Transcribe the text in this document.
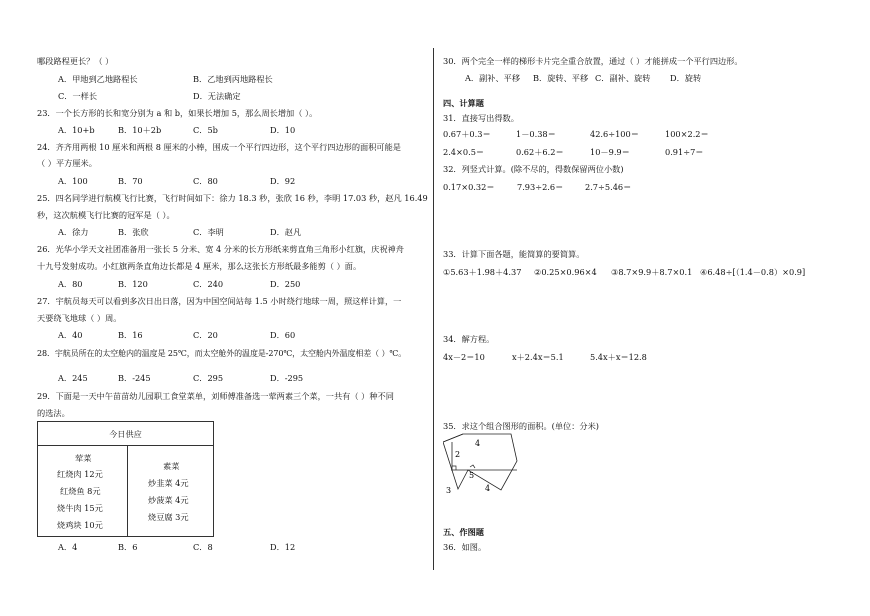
哪段路程更长？（ ）
A．甲地到乙地路程长	B．乙地到丙地路程长
C．一样长	D．无法确定
23．一个长方形的长和宽分别为 a 和 b，如果长增加 5，那么周长增加（ ）。
A．10+b	B．10＋2b	C．5b	D．10
24．齐齐用两根 10 厘米和两根 8 厘米的小棒，围成一个平行四边形，这个平行四边形的面积可能是
（ ）平方厘米。
A．100	B．70	C．80	D．92
25．四名同学进行航模飞行比赛，飞行时间如下：徐力 18.3 秒，张欣 16 秒，李明 17.03 秒，赵凡 16.49
秒，这次航模飞行比赛的冠军是（ ）。
A．徐力	B．张欣	C．李明	D．赵凡
26．光华小学天文社团准备用一张长 5 分米、宽 4 分米的长方形纸来剪直角三角形小红旗，庆祝神舟
十九号发射成功。小红旗两条直角边长都是 4 厘米，那么这张长方形纸最多能剪（ ）面。
A．80	B．120	C．240	D．250
27．宇航员每天可以看到多次日出日落，因为中国空间站每 1.5 小时绕行地球一周，照这样计算，一
天要绕飞地球（ ）周。
A．40	B．16	C．20	D．60
28．宇航员所在的太空舱内的温度是 25℃，而太空舱外的温度是-270℃，太空舱内外温度相差（ ）℃。
A．245	B．-245	C．295	D．-295
29．下面是一天中午苗苗幼儿园职工食堂菜单，刘师傅准备选一荤两素三个菜，一共有（ ）种不同
的选法。
今日供应
荤菜
红烧肉 12元
红烧鱼 8元
烧牛肉 15元
烧鸡块 10元
素菜
炒韭菜 4元
炒菠菜 4元
烧豆腐 3元
A．4	B．6	C．8	D．12
30．两个完全一样的梯形卡片完全重合放置，通过（ ）才能拼成一个平行四边形。
A．副补、平移 B．旋转、平移 C．副补、旋转 D．旋转
四、计算题
31．直接写出得数。
0.67＋0.3＝	1－0.38＝	42.6÷100＝	100×2.2＝
2.4×0.5＝	0.62＋6.2＝	10－9.9＝	0.91÷7＝
32．列竖式计算。(除不尽的，得数保留两位小数)
0.17×0.32＝	7.93÷2.6＝	2.7÷5.46＝
33．计算下面各题，能简算的要简算。
①5.63＋1.98＋4.37 ②0.25×0.96×4 ③8.7×9.9＋8.7×0.1 ④6.48÷[（1.4－0.8）×0.9]
34．解方程。
4x－2＝10	x＋2.4x＝5.1	5.4x＋x＝12.8
35．求这个组合图形的面积。(单位：分米)
4
2
5
3	4
五、作图题
36．如图。
